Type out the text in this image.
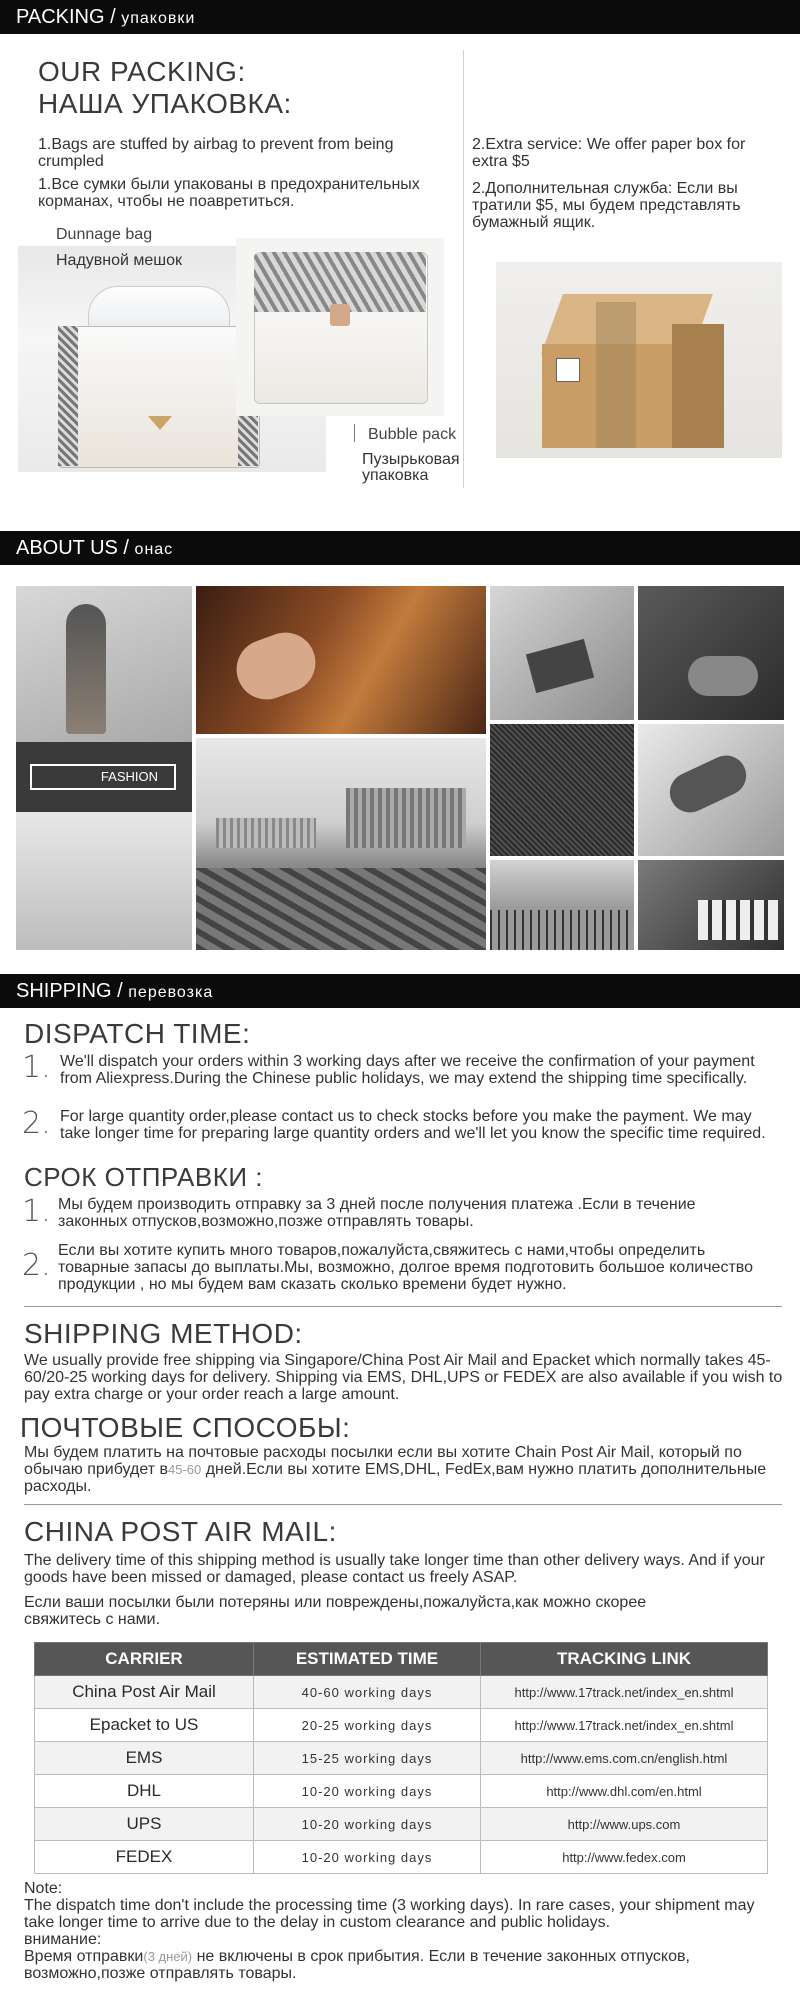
PACKING / упаковки
OUR PACKING:
НАША УПАКОВКА:
1.Bags are stuffed by airbag to prevent from being crumpled
1.Все сумки были упакованы в предохранительных корманах, чтобы не поавретиться.
2.Extra service: We offer paper box for extra $5
2.Дополнительная служба: Если вы тратили $5, мы будем представлять бумажный ящик.
Dunnage bag
Надувной мешок
Bubble pack
Пузырьковая упаковка
ABOUT US / онас
FASHION
SHIPPING / перевозка
DISPATCH TIME:
1. We'll dispatch your orders within 3 working days after we receive the confirmation of your payment from Aliexpress.During the Chinese public holidays, we may extend the shipping time specifically.
2. For large quantity order,please contact us to check stocks before you make the payment. We may take longer time for preparing large quantity orders and we'll let you know the specific time required.
СРОК ОТПРАВКИ :
1. Мы будем производить отправку за 3 дней после получения платежа .Если в течение законных отпусков,возможно,позже отправлять товары.
2. Если вы хотите купить много товаров,пожалуйста,свяжитесь с нами,чтобы определить товарные запасы до выплаты.Мы, возможно, долгое время подготовить большое количество продукции , но мы будем вам сказать сколько времени будет нужно.
SHIPPING METHOD:
We usually provide free shipping via Singapore/China Post Air Mail and Epacket which normally takes 45-60/20-25 working days for delivery. Shipping via EMS, DHL,UPS or FEDEX are also available if you wish to pay extra charge or your order reach a large amount.
ПОЧТОВЫЕ СПОСОБЫ:
Мы будем платить на почтовые расходы посылки если вы хотите Chain Post Air Mail, который по обычаю прибудет в45-60 дней.Если вы хотите EMS,DHL, FedEx,вам нужно платить дополнительные расходы.
CHINA POST AIR MAIL:
The delivery time of this shipping method is usually take longer time than other delivery ways. And if your goods have been missed or damaged, please contact us freely ASAP.
Если ваши посылки были потеряны или повреждены,пожалуйста,как можно скорее свяжитесь с нами.
CARRIER	ESTIMATED TIME	TRACKING LINK
China Post Air Mail	40-60 working days	http://www.17track.net/index_en.shtml
Epacket to US	20-25 working days	http://www.17track.net/index_en.shtml
EMS	15-25 working days	http://www.ems.com.cn/english.html
DHL	10-20 working days	http://www.dhl.com/en.html
UPS	10-20 working days	http://www.ups.com
FEDEX	10-20 working days	http://www.fedex.com
Note:
The dispatch time don't include the processing time (3 working days). In rare cases, your shipment may take longer time to arrive due to the delay in custom clearance and public holidays.
внимание:
Время отправки(3 дней) не включены в срок прибытия. Если в течение законных отпусков, возможно,позже отправлять товары.
